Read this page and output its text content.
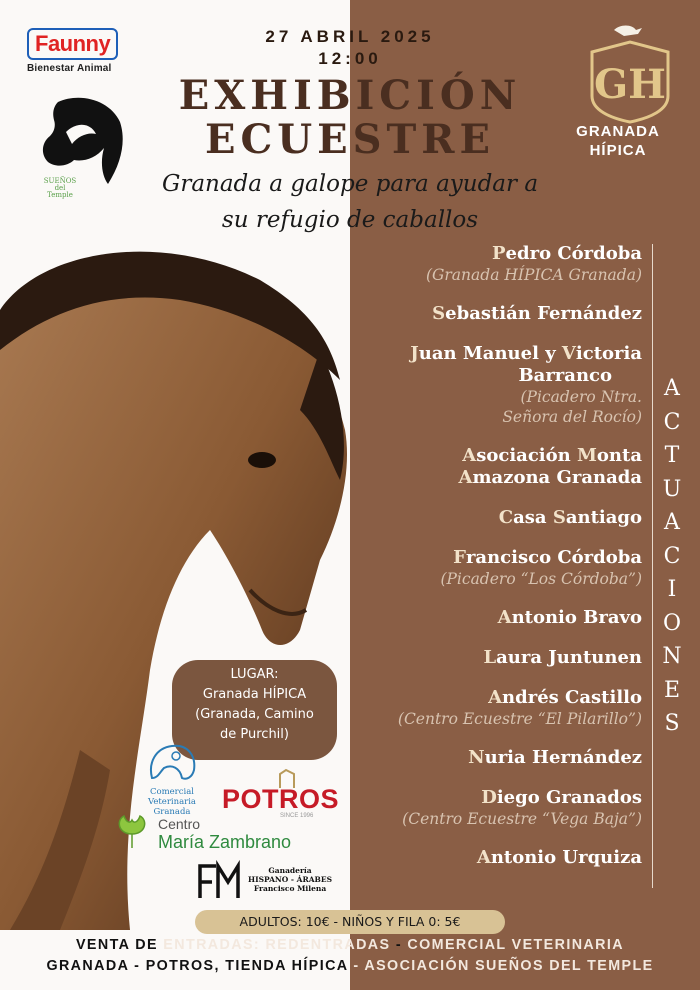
Faunny
Bienestar Animal
SUEÑOS
del
Temple
27 ABRIL 2025
12:00
EXHIBICIÓN
ECUESTRE
Granada a galope para ayudar a
su refugio de caballos
GH
GRANADA
HÍPICA
LUGAR:
Granada HÍPICA
(Granada, Camino
de Purchil)
Comercial Veterinaria
Granada	POTROS
SINCE 1996
Centro
María Zambrano
Ganadería
HISPANO - ÁRABES
Francisco Milena
Pedro Córdoba
(Granada HÍPICA Granada)
Sebastián Fernández
Juan Manuel y Victoria
Barranco
(Picadero Ntra.
Señora del Rocío)
Asociación Monta
Amazona Granada
Casa Santiago
Francisco Córdoba
(Picadero “Los Córdoba”)
Antonio Bravo
Laura Juntunen
Andrés Castillo
(Centro Ecuestre “El Pilarillo”)
Nuria Hernández
Diego Granados
(Centro Ecuestre “Vega Baja”)
Antonio Urquiza
A
C
T
U
A
C
I
O
N
E
S
ADULTOS: 10€ - NIÑOS Y FILA 0: 5€
VENTA DE ENTRADAS: REDENTRADAS - COMERCIAL VETERINARIA
GRANADA - POTROS, TIENDA HÍPICA - ASOCIACIÓN SUEÑOS DEL TEMPLE
